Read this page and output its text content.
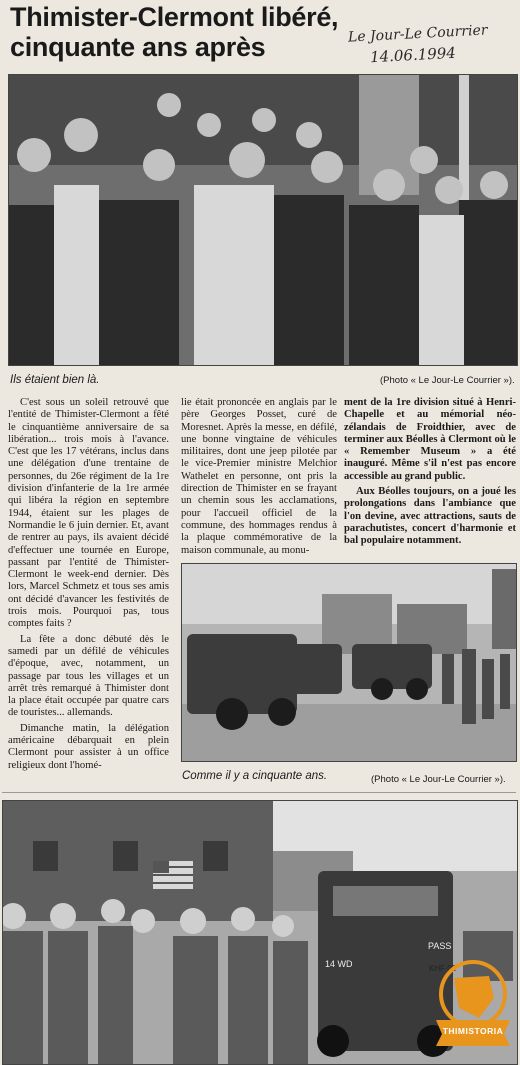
Thimister-Clermont libéré, cinquante ans après	Le Jour-Le Courrier
14.06.1994
Ils étaient bien là.	(Photo « Le Jour-Le Courrier »).

C'est sous un soleil retrouvé que l'entité de Thimister-Clermont a fêté le cinquantième anniversaire de sa libération... trois mois à l'avance. C'est que les 17 vétérans, inclus dans une délégation d'une trentaine de personnes, du 26e régiment de la 1re division d'infanterie de la 1re armée qui libéra la région en septembre 1944, étaient sur les plages de Normandie le 6 juin dernier. Et, avant de rentrer au pays, ils avaient décidé d'effectuer une tournée en Europe, passant par l'entité de Thimister-Clermont le week-end dernier. Dès lors, Marcel Schmetz et tous ses amis ont décidé d'avancer les festivités de trois mois. Pourquoi pas, tous comptes faits ?

La fête a donc débuté dès le samedi par un défilé de véhicules d'époque, avec, notamment, un passage par tous les villages et un arrêt très remarqué à Thimister dont la place était occupée par quatre cars de touristes... allemands.

Dimanche matin, la délégation américaine débarquait en plein Clermont pour assister à un office religieux dont l'homé-

lie était prononcée en anglais par le père Georges Posset, curé de Moresnet. Après la messe, en défilé, une bonne vingtaine de véhicules militaires, dont une jeep pilotée par le vice-Premier ministre Melchior Wathelet en personne, ont pris la direction de Thimister en se frayant un chemin sous les acclamations, pour l'accueil officiel de la commune, des hommages rendus à la plaque commémorative de la maison communale, au monu-

ment de la 1re division situé à Henri-Chapelle et au mémorial néo-zélandais de Froidthier, avec de terminer aux Béolles à Clermont où le « Remember Museum » a été inauguré. Même s'il n'est pas encore accessible au grand public.

Aux Béolles toujours, on a joué les prolongations dans l'ambiance que l'on devine, avec attractions, sauts de parachutistes, concert d'harmonie et bal populaire notamment.

Comme il y a cinquante ans.	(Photo « Le Jour-Le Courrier »).
PASS
14 WD	KHF 02
THIMISTORIA
